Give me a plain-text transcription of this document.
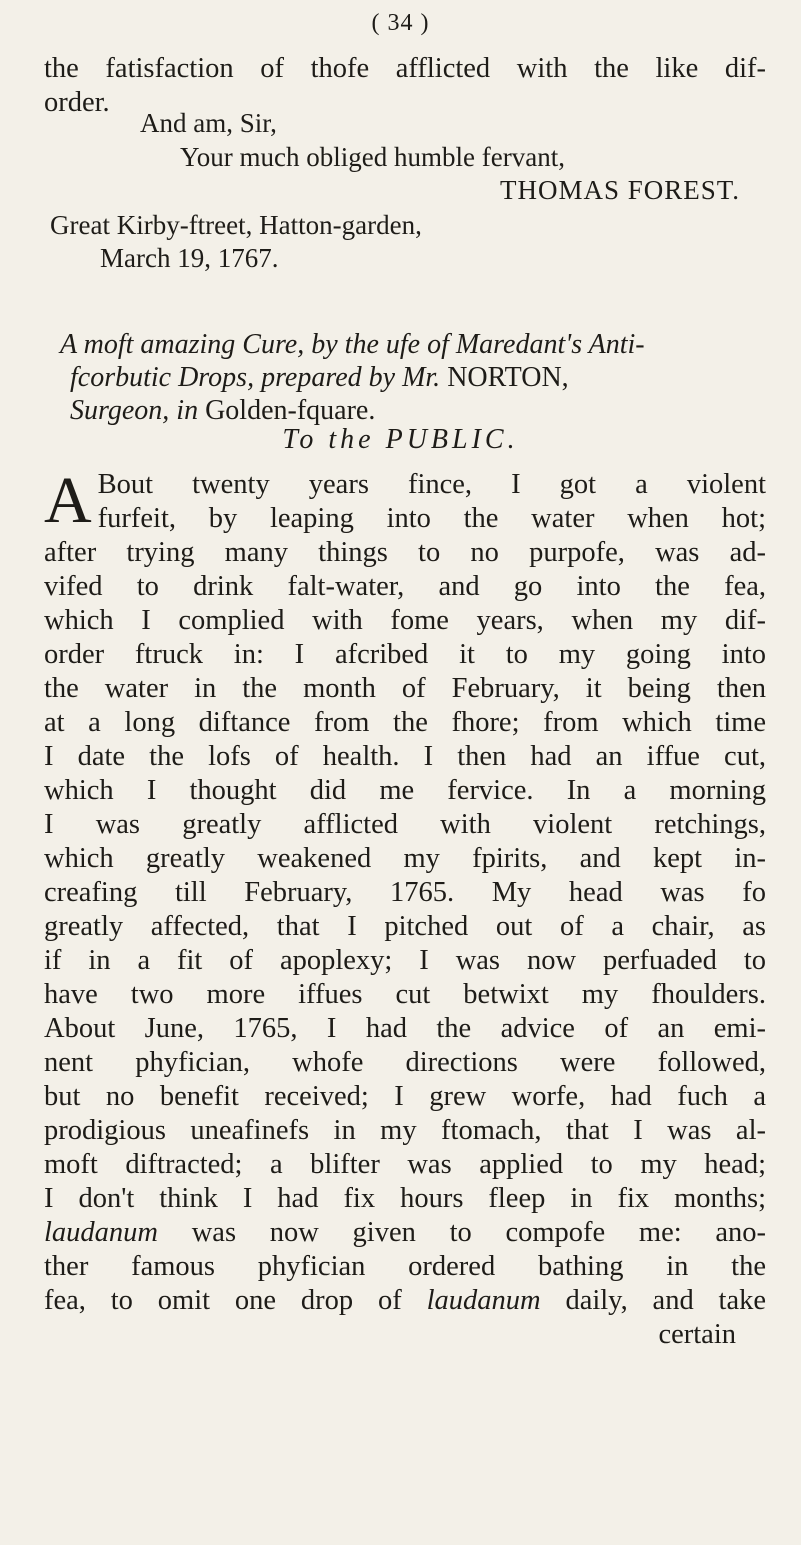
( 34 )
the fatisfaction of thofe afflicted with the like dif-
order.
And am, Sir,
Your much obliged humble fervant,
THOMAS FOREST.
Great Kirby-ftreet, Hatton-garden,
March 19, 1767.
A moft amazing Cure, by the ufe of Maredant's Anti-
fcorbutic Drops, prepared by Mr. NORTON,
Surgeon, in Golden-fquare.
To the PUBLIC.
A Bout twenty years fince, I got a violent
furfeit, by leaping into the water when hot;
after trying many things to no purpofe, was ad-
vifed to drink falt-water, and go into the fea,
which I complied with fome years, when my dif-
order ftruck in: I afcribed it to my going into
the water in the month of February, it being then
at a long diftance from the fhore; from which time
I date the lofs of health. I then had an iffue cut,
which I thought did me fervice. In a morning
I was greatly afflicted with violent retchings,
which greatly weakened my fpirits, and kept in-
creafing till February, 1765. My head was fo
greatly affected, that I pitched out of a chair, as
if in a fit of apoplexy; I was now perfuaded to
have two more iffues cut betwixt my fhoulders.
About June, 1765, I had the advice of an emi-
nent phyfician, whofe directions were followed,
but no benefit received; I grew worfe, had fuch a
prodigious uneafinefs in my ftomach, that I was al-
moft diftracted; a blifter was applied to my head;
I don't think I had fix hours fleep in fix months;
laudanum was now given to compofe me: ano-
ther famous phyfician ordered bathing in the
fea, to omit one drop of laudanum daily, and take
certain
